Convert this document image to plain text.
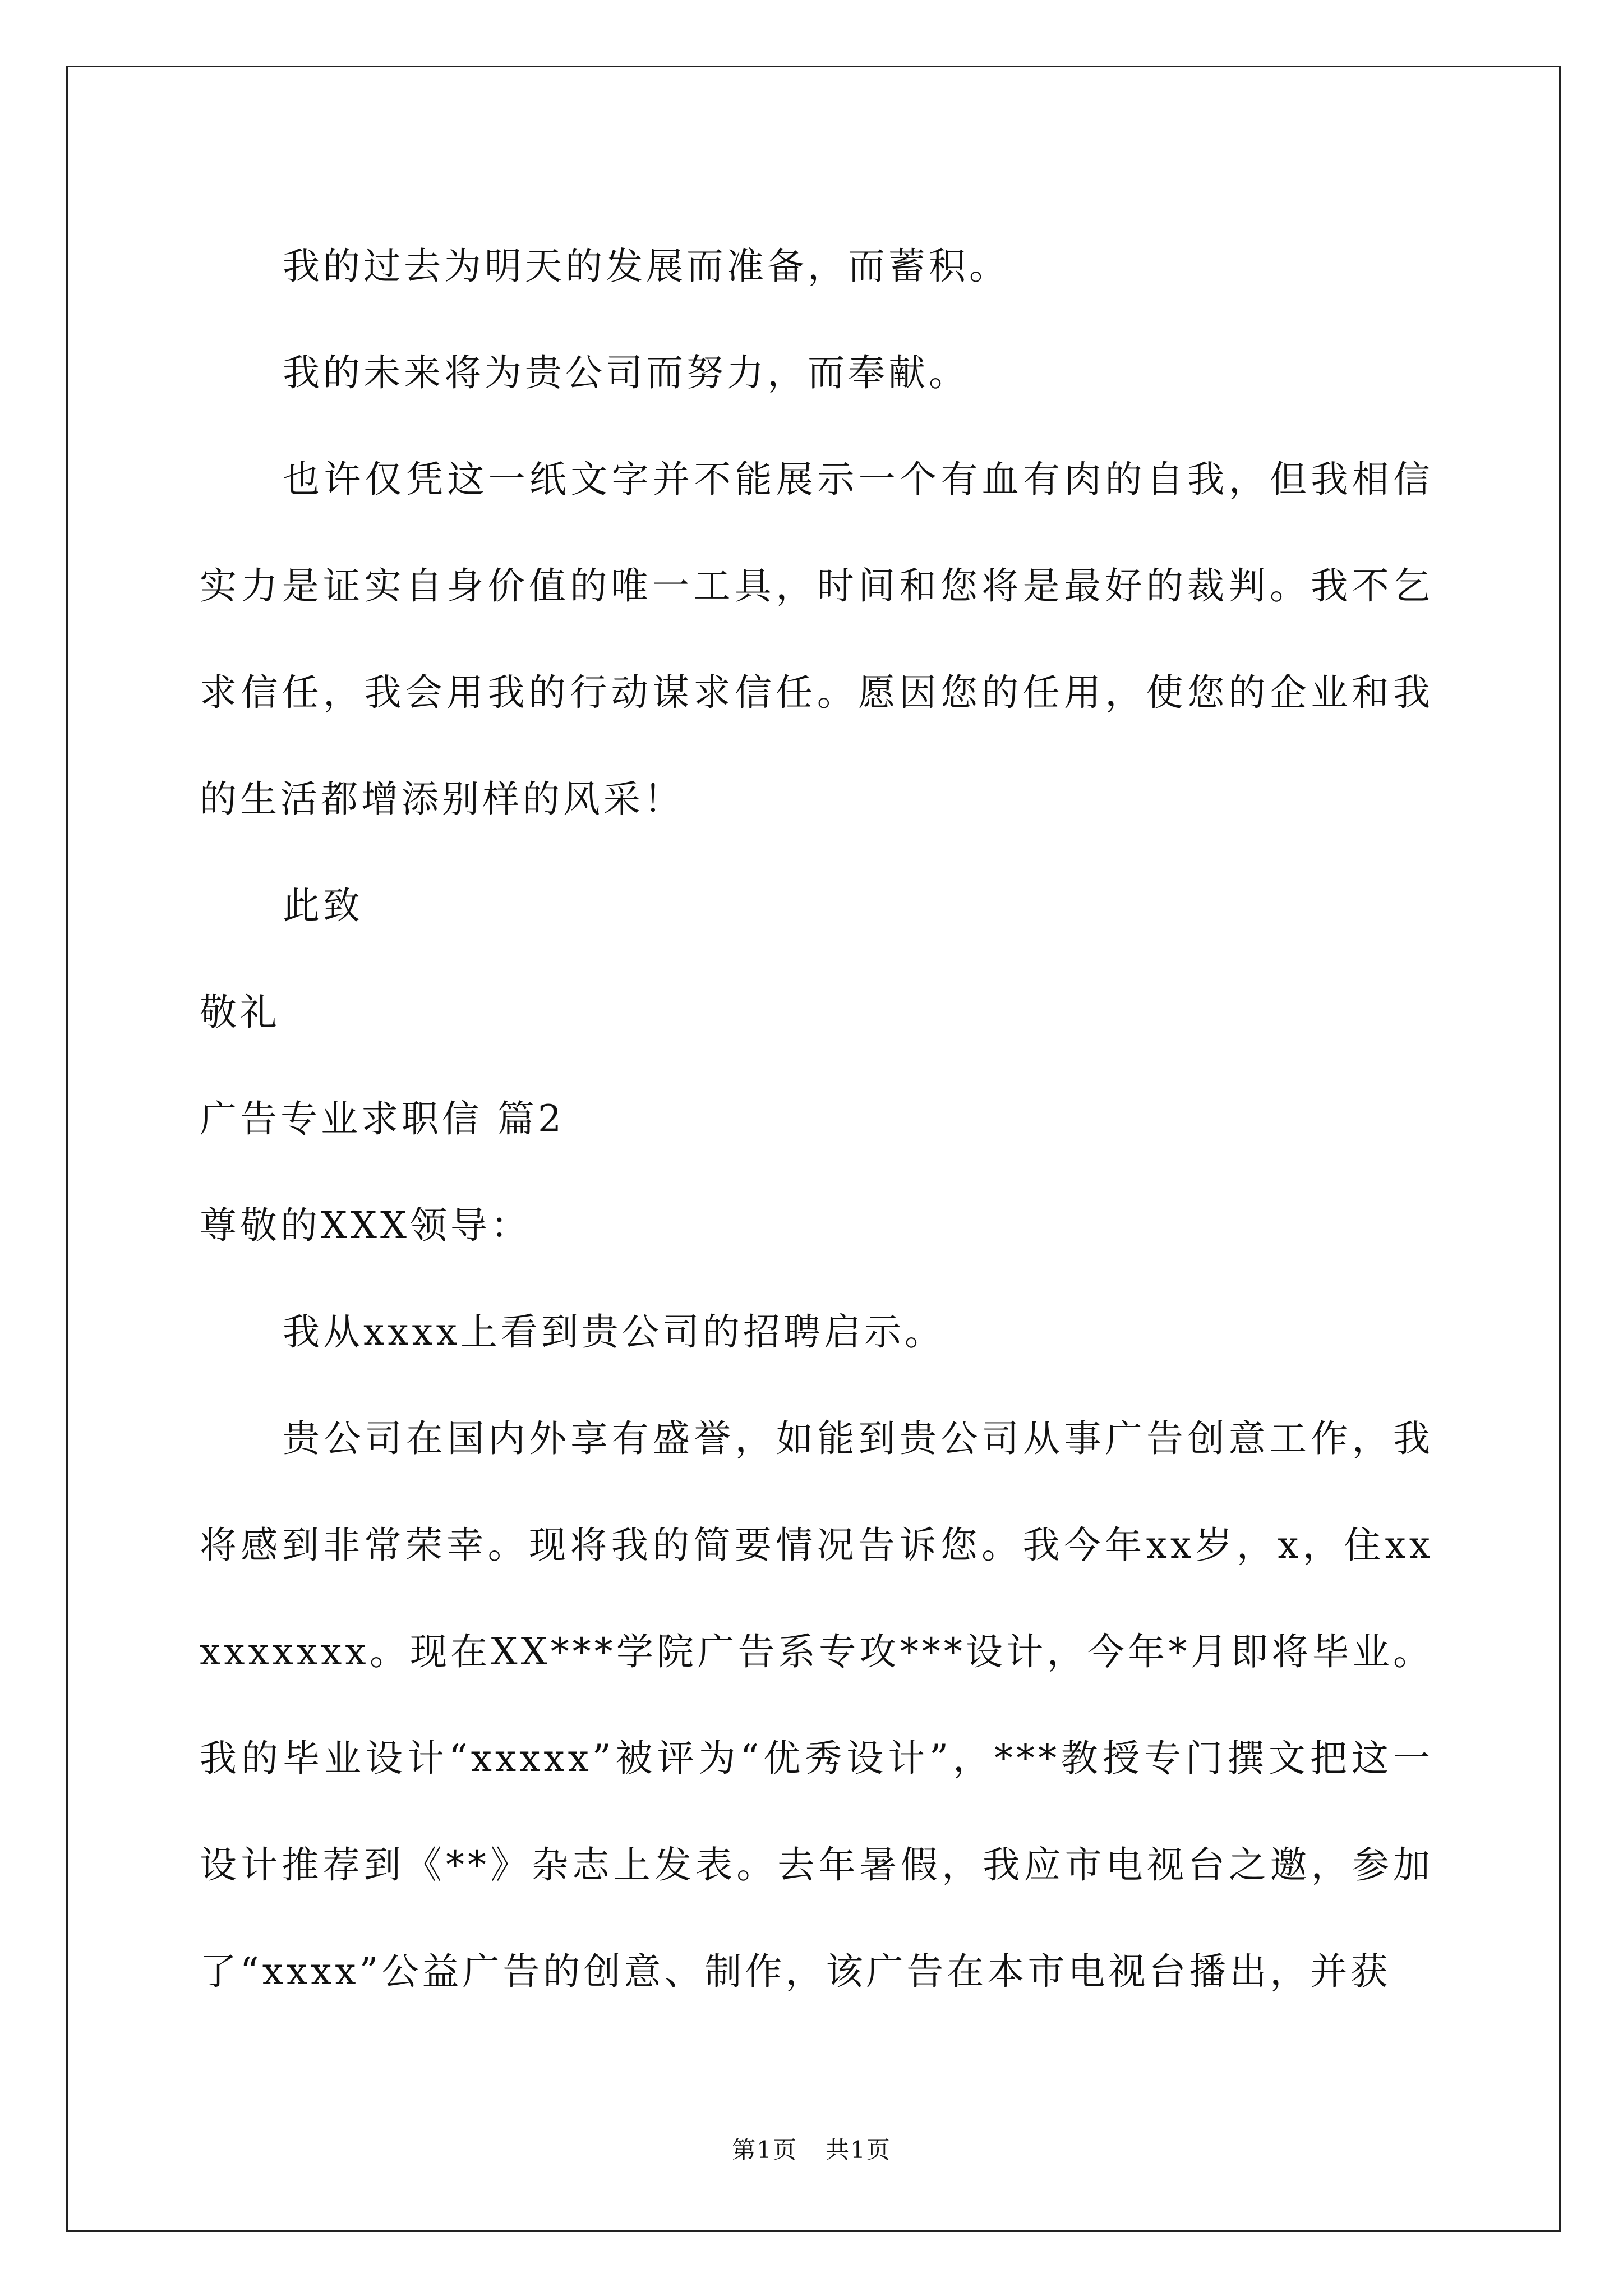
我的过去为明天的发展而准备，而蓄积。

我的未来将为贵公司而努力，而奉献。

也许仅凭这一纸文字并不能展示一个有血有肉的自我，但我相信实力是证实自身价值的唯一工具，时间和您将是最好的裁判。我不乞求信任，我会用我的行动谋求信任。愿因您的任用，使您的企业和我的生活都增添别样的风采！

此致

敬礼

广告专业求职信 篇2

尊敬的XXX领导：

我从xxxx上看到贵公司的招聘启示。

贵公司在国内外享有盛誉，如能到贵公司从事广告创意工作，我将感到非常荣幸。现将我的简要情况告诉您。我今年xx岁，x，住xxxxxxxxx。现在XX***学院广告系专攻***设计，今年*月即将毕业。我的毕业设计“xxxxx”被评为“优秀设计”，***教授专门撰文把这一设计推荐到《**》杂志上发表。去年暑假，我应市电视台之邀，参加了“xxxx”公益广告的创意、制作，该广告在本市电视台播出，并获

第1页 共1页
